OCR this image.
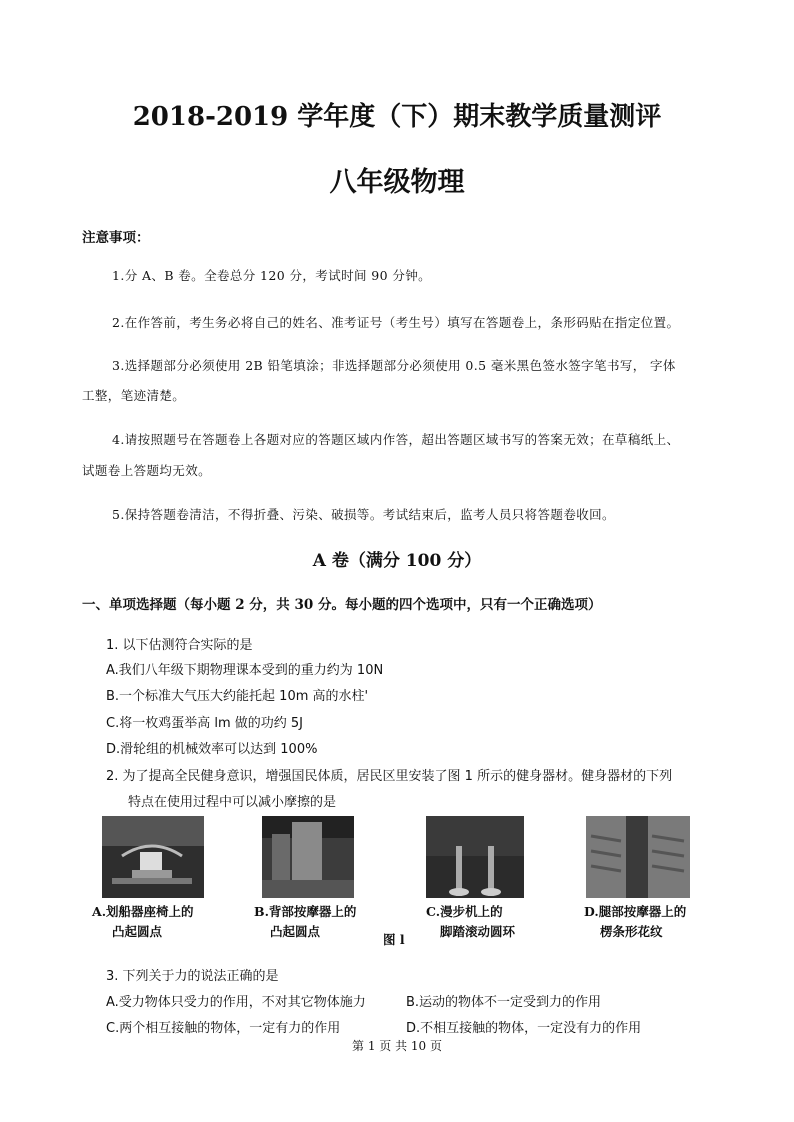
2018-2019 学年度（下）期末教学质量测评
八年级物理
注意事项：
1.分 A、B 卷。全卷总分 120 分，考试时间 90 分钟。
2.在作答前，考生务必将自己的姓名、准考证号（考生号）填写在答题卷上，条形码贴在指定位置。
3.选择题部分必须使用 2B 铅笔填涂；非选择题部分必须使用 0.5 毫米黑色签水签字笔书写， 字体
工整，笔迹清楚。
4.请按照题号在答题卷上各题对应的答题区域内作答，超出答题区域书写的答案无效；在草稿纸上、
试题卷上答题均无效。
5.保持答题卷清洁，不得折叠、污染、破损等。考试结束后，监考人员只将答题卷收回。
A 卷（满分 100 分）
一、单项选择题（每小题 2 分，共 30 分。每小题的四个选项中，只有一个正确选项）
1. 以下估测符合实际的是
A.我们八年级下期物理课本受到的重力约为 10N
B.一个标准大气压大约能托起 10m 高的水柱'
C.将一枚鸡蛋举高 lm 做的功约 5J
D.滑轮组的机械效率可以达到 100%
2. 为了提高全民健身意识，增强国民体质，居民区里安装了图 1 所示的健身器材。健身器材的下列
特点在使用过程中可以减小摩擦的是
A.划船器座椅上的
凸起圆点
B.背部按摩器上的
凸起圆点
C.漫步机上的
脚踏滚动圆环
D.腿部按摩器上的
楞条形花纹
图 l
3. 下列关于力的说法正确的是
A.受力物体只受力的作用，不对其它物体施力	B.运动的物体不一定受到力的作用
C.两个相互接触的物体，一定有力的作用	D.不相互接触的物体，一定没有力的作用
第 1 页 共 10 页
